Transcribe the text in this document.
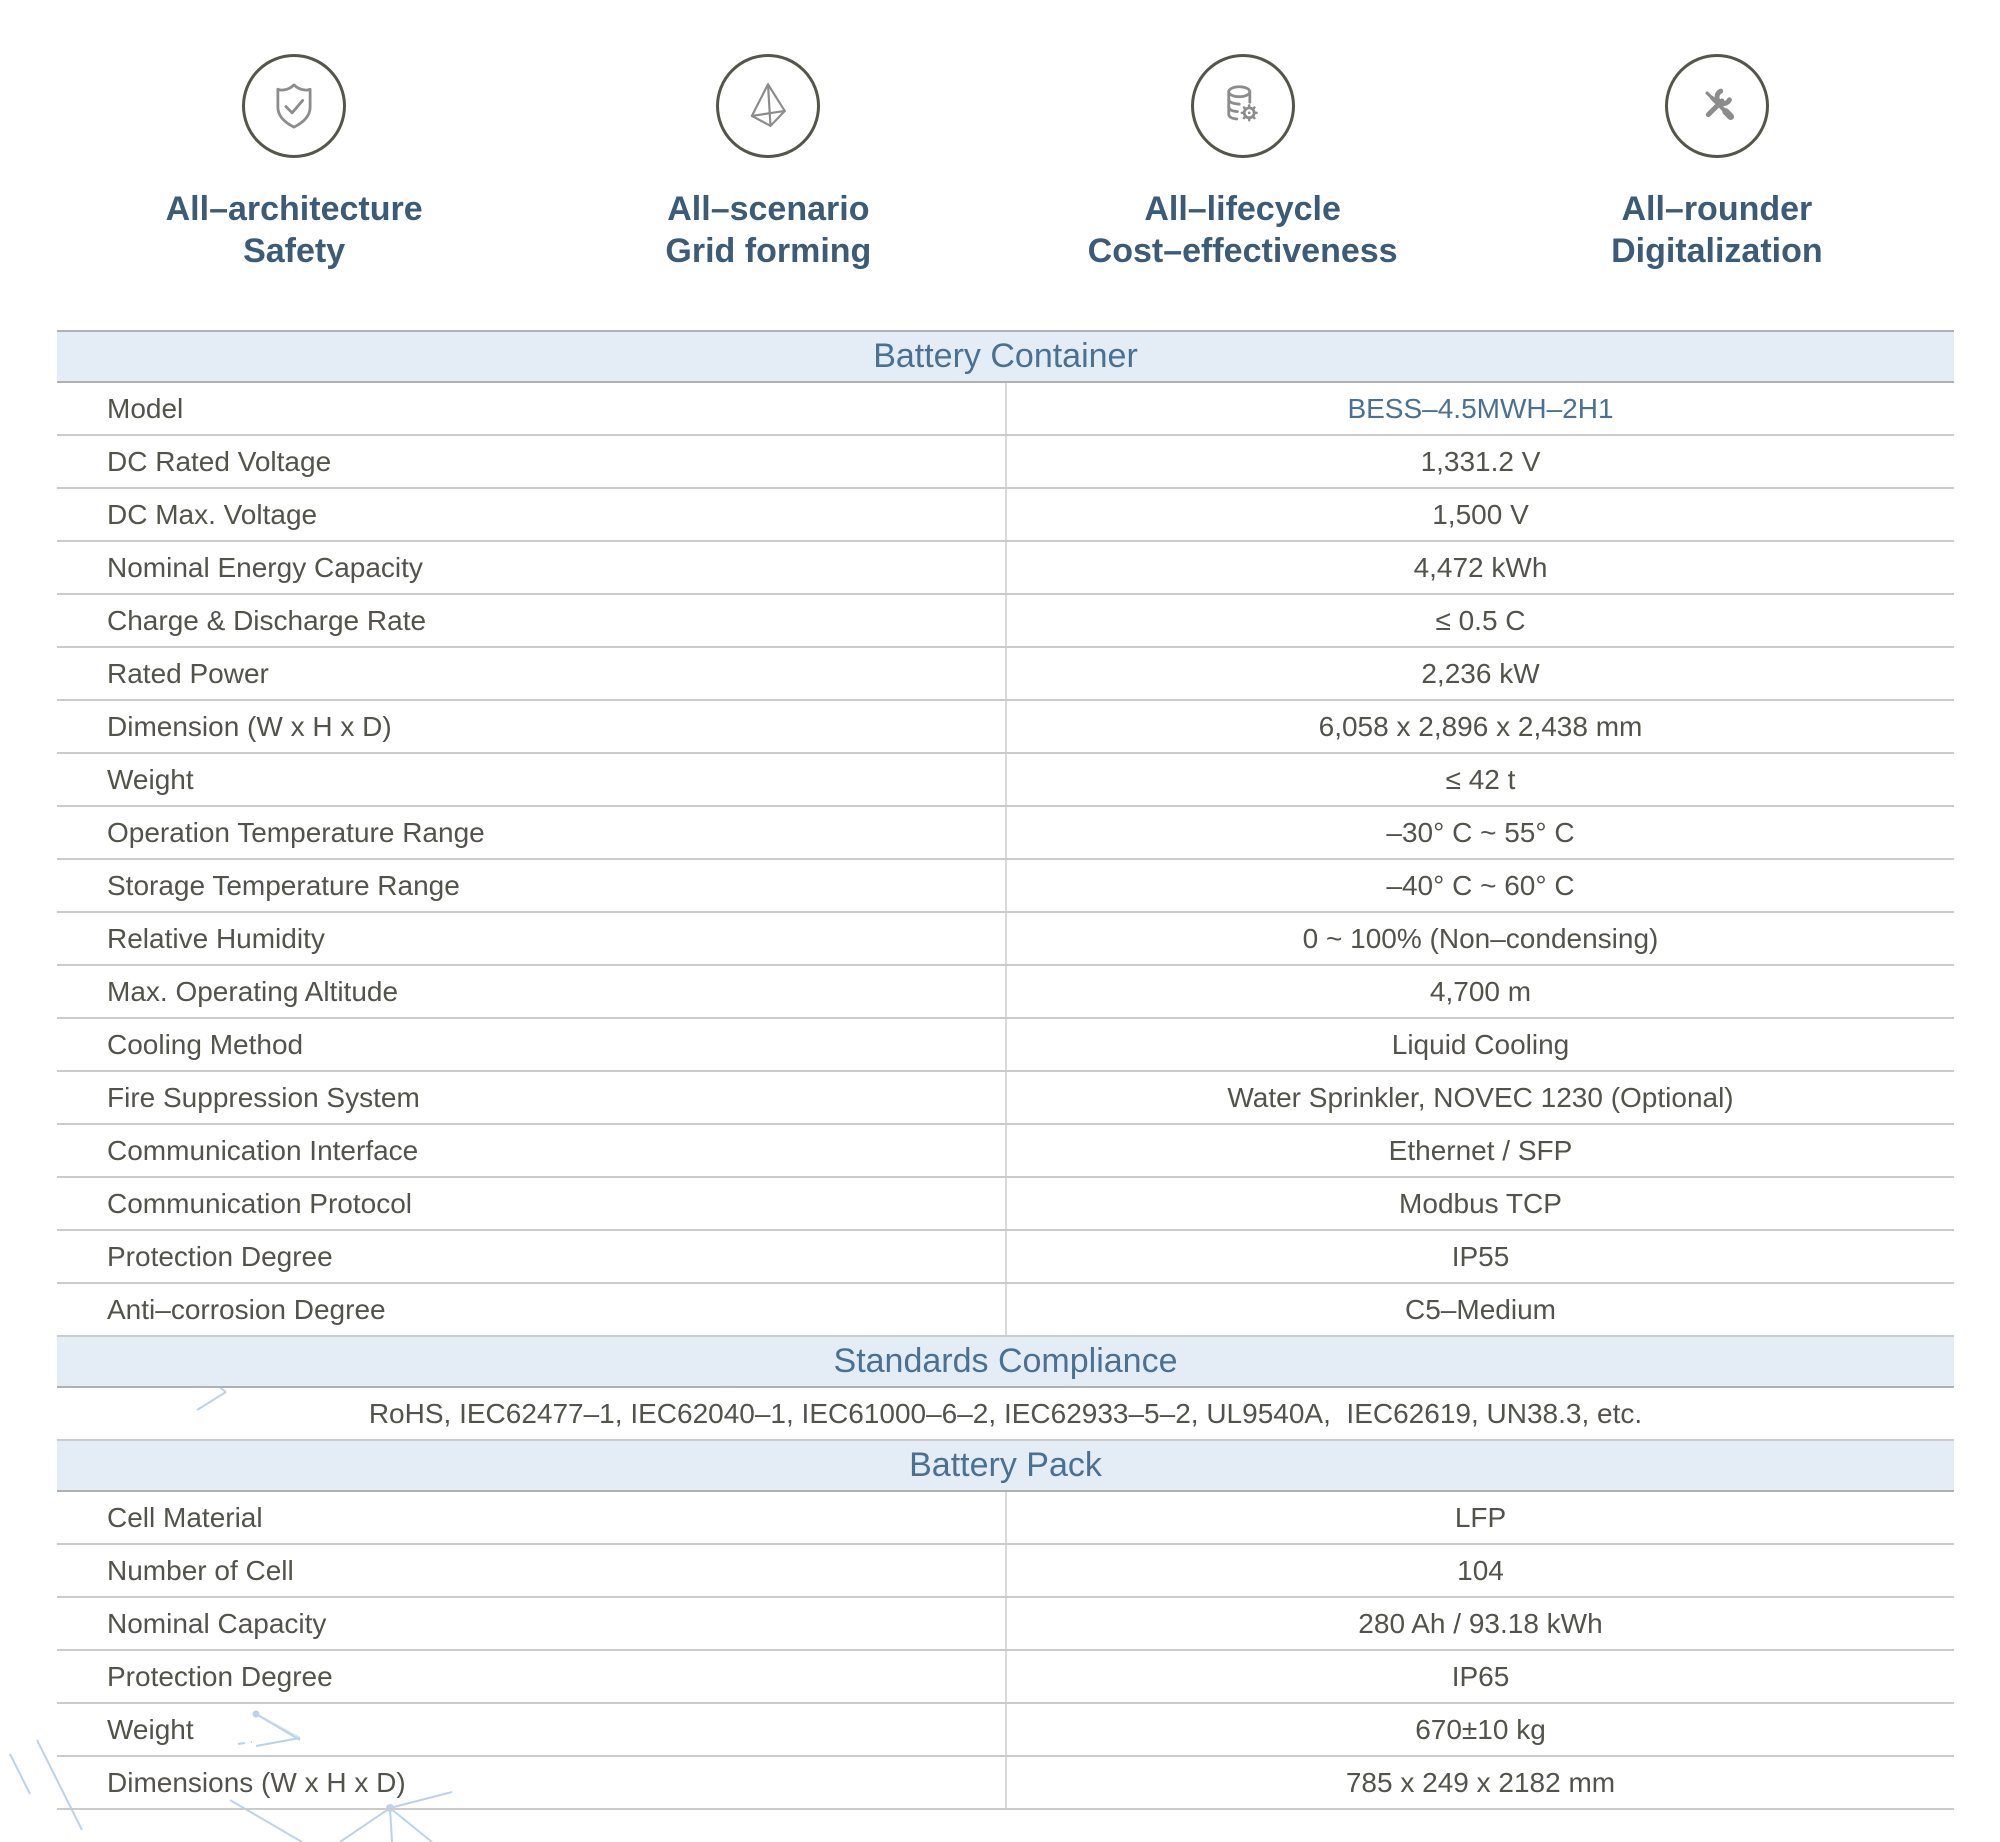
All–architecture
Safety
All–scenario
Grid forming
All–lifecycle
Cost–effectiveness
All–rounder
Digitalization
Battery Container
Model	BESS–4.5MWH–2H1
DC Rated Voltage	1,331.2 V
DC Max. Voltage	1,500 V
Nominal Energy Capacity	4,472 kWh
Charge & Discharge Rate	≤ 0.5 C
Rated Power	2,236 kW
Dimension (W x H x D)	6,058 x 2,896 x 2,438 mm
Weight	≤ 42 t
Operation Temperature Range	–30° C ~ 55° C
Storage Temperature Range	–40° C ~ 60° C
Relative Humidity	0 ~ 100% (Non–condensing)
Max. Operating Altitude	4,700 m
Cooling Method	Liquid Cooling
Fire Suppression System	Water Sprinkler, NOVEC 1230 (Optional)
Communication Interface	Ethernet / SFP
Communication Protocol	Modbus TCP
Protection Degree	IP55
Anti–corrosion Degree	C5–Medium
Standards Compliance
RoHS, IEC62477–1, IEC62040–1, IEC61000–6–2, IEC62933–5–2, UL9540A,  IEC62619, UN38.3, etc.
Battery Pack
Cell Material	LFP
Number of Cell	104
Nominal Capacity	280 Ah / 93.18 kWh
Protection Degree	IP65
Weight	670±10 kg
Dimensions (W x H x D)	785 x 249 x 2182 mm
